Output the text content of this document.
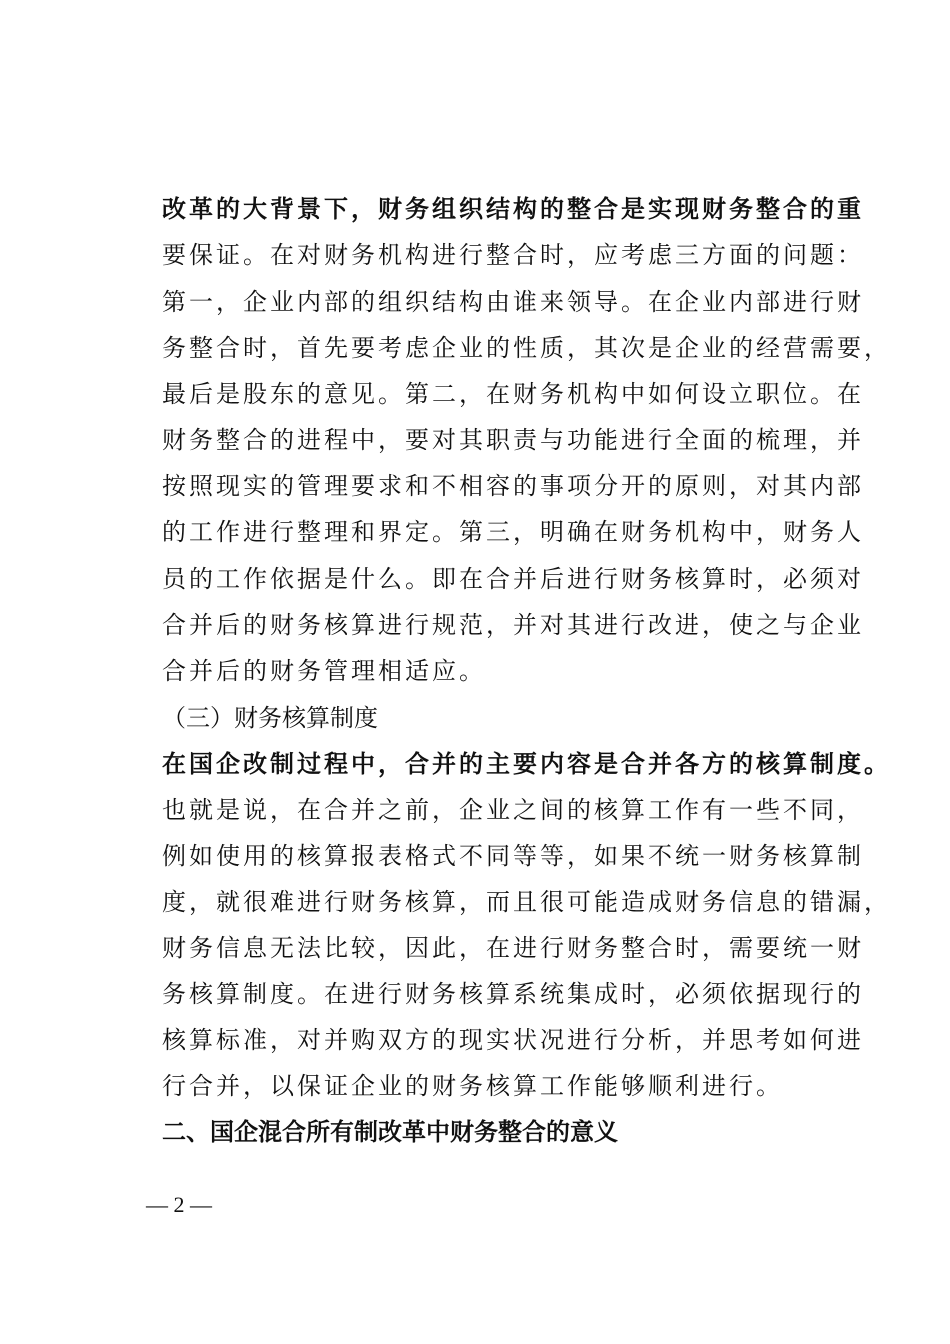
改革的大背景下，财务组织结构的整合是实现财务整合的重
要保证。在对财务机构进行整合时，应考虑三方面的问题：
第一，企业内部的组织结构由谁来领导。在企业内部进行财
务整合时，首先要考虑企业的性质，其次是企业的经营需要，
最后是股东的意见。第二，在财务机构中如何设立职位。在
财务整合的进程中，要对其职责与功能进行全面的梳理，并
按照现实的管理要求和不相容的事项分开的原则，对其内部
的工作进行整理和界定。第三，明确在财务机构中，财务人
员的工作依据是什么。即在合并后进行财务核算时，必须对
合并后的财务核算进行规范，并对其进行改进，使之与企业
合并后的财务管理相适应。
（三）财务核算制度
在国企改制过程中，合并的主要内容是合并各方的核算制度。
也就是说，在合并之前，企业之间的核算工作有一些不同，
例如使用的核算报表格式不同等等，如果不统一财务核算制
度，就很难进行财务核算，而且很可能造成财务信息的错漏，
财务信息无法比较，因此，在进行财务整合时，需要统一财
务核算制度。在进行财务核算系统集成时，必须依据现行的
核算标准，对并购双方的现实状况进行分析，并思考如何进
行合并，以保证企业的财务核算工作能够顺利进行。
二、国企混合所有制改革中财务整合的意义
— 2 —
